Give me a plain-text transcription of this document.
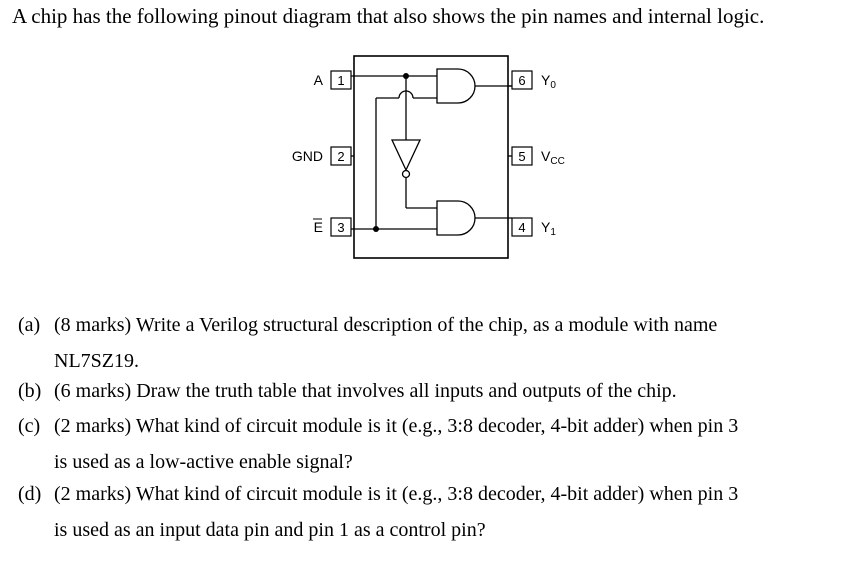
A chip has the following pinout diagram that also shows the pin names and internal logic.
1
2
3
6
5
4
A
GND
E
$Y_0$
$V_{CC}$
$Y_1$
(a) (8 marks) Write a Verilog structural description of the chip, as a module with name
NL7SZ19.
(b) (6 marks) Draw the truth table that involves all inputs and outputs of the chip.
(c) (2 marks) What kind of circuit module is it (e.g., 3:8 decoder, 4-bit adder) when pin 3
is used as a low-active enable signal?
(d) (2 marks) What kind of circuit module is it (e.g., 3:8 decoder, 4-bit adder) when pin 3
is used as an input data pin and pin 1 as a control pin?
